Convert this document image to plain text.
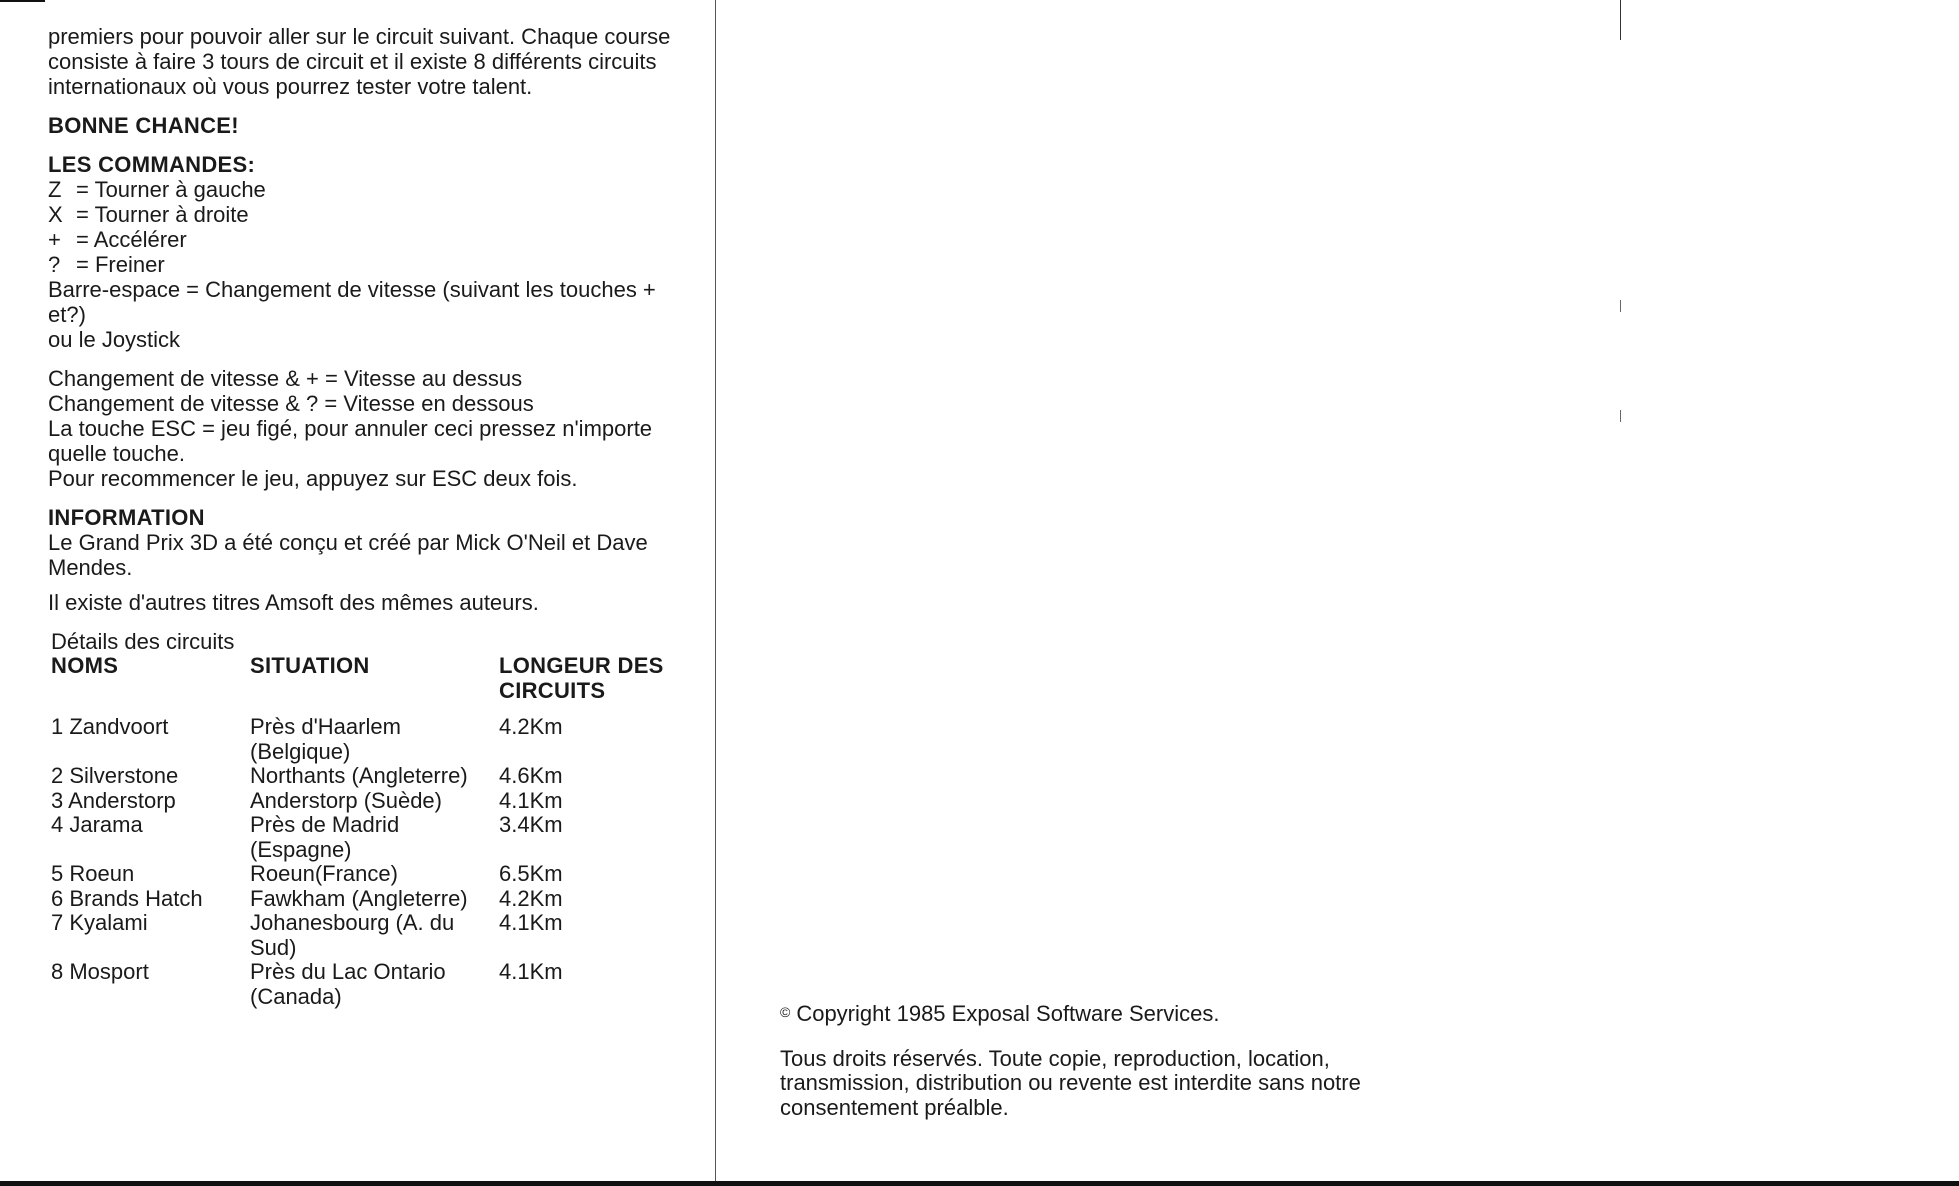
premiers pour pouvoir aller sur le circuit suivant. Chaque course consiste à faire 3 tours de circuit et il existe 8 différents circuits internationaux où vous pourrez tester votre talent.

BONNE CHANCE!

LES COMMANDES:

Z = Tourner à gauche
X = Tourner à droite
+ = Accélérer
? = Freiner

Barre-espace = Changement de vitesse (suivant les touches + et?)

ou le Joystick

Changement de vitesse & + = Vitesse au dessus

Changement de vitesse & ? = Vitesse en dessous

La touche ESC = jeu figé, pour annuler ceci pressez n'importe quelle touche.

Pour recommencer le jeu, appuyez sur ESC deux fois.

INFORMATION

Le Grand Prix 3D a été conçu et créé par Mick O'Neil et Dave Mendes.

Il existe d'autres titres Amsoft des mêmes auteurs.

Détails des circuits

NOMS	SITUATION	LONGEUR DES CIRCUITS
1 Zandvoort	Près d'Haarlem (Belgique)	4.2Km
2 Silverstone	Northants (Angleterre)	4.6Km
3 Anderstorp	Anderstorp (Suède)	4.1Km
4 Jarama	Près de Madrid (Espagne)	3.4Km
5 Roeun	Roeun(France)	6.5Km
6 Brands Hatch	Fawkham (Angleterre)	4.2Km
7 Kyalami	Johanesbourg (A. du Sud)	4.1Km
8 Mosport	Près du Lac Ontario (Canada)	4.1Km

© Copyright 1985 Exposal Software Services.

Tous droits réservés. Toute copie, reproduction, location, transmission, distribution ou revente est interdite sans notre consentement préalble.
